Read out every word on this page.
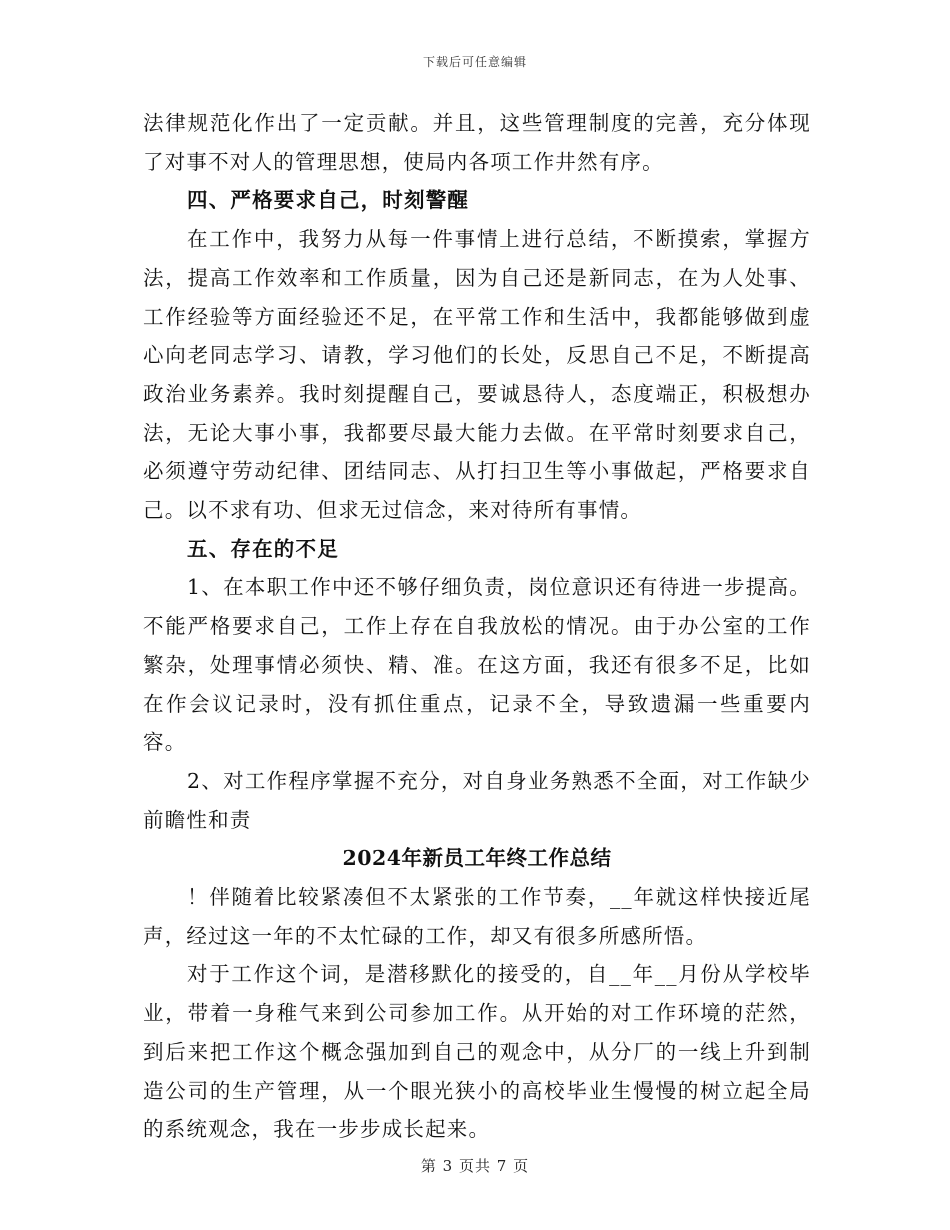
下载后可任意编辑

法律规范化作出了一定贡献。并且，这些管理制度的完善，充分体现了对事不对人的管理思想，使局内各项工作井然有序。

四、严格要求自己，时刻警醒

在工作中，我努力从每一件事情上进行总结，不断摸索，掌握方法，提高工作效率和工作质量，因为自己还是新同志，在为人处事、工作经验等方面经验还不足，在平常工作和生活中，我都能够做到虚心向老同志学习、请教，学习他们的长处，反思自己不足，不断提高政治业务素养。我时刻提醒自己，要诚恳待人，态度端正，积极想办法，无论大事小事，我都要尽最大能力去做。在平常时刻要求自己，必须遵守劳动纪律、团结同志、从打扫卫生等小事做起，严格要求自己。以不求有功、但求无过信念，来对待所有事情。

五、存在的不足

1、在本职工作中还不够仔细负责，岗位意识还有待进一步提高。不能严格要求自己，工作上存在自我放松的情况。由于办公室的工作繁杂，处理事情必须快、精、准。在这方面，我还有很多不足，比如在作会议记录时，没有抓住重点，记录不全，导致遗漏一些重要内容。

2、对工作程序掌握不充分，对自身业务熟悉不全面，对工作缺少前瞻性和责

2024年新员工年终工作总结

！伴随着比较紧凑但不太紧张的工作节奏，__年就这样快接近尾声，经过这一年的不太忙碌的工作，却又有很多所感所悟。

对于工作这个词，是潜移默化的接受的，自__年__月份从学校毕业，带着一身稚气来到公司参加工作。从开始的对工作环境的茫然，到后来把工作这个概念强加到自己的观念中，从分厂的一线上升到制造公司的生产管理，从一个眼光狭小的高校毕业生慢慢的树立起全局的系统观念，我在一步步成长起来。

第 3 页共 7 页
